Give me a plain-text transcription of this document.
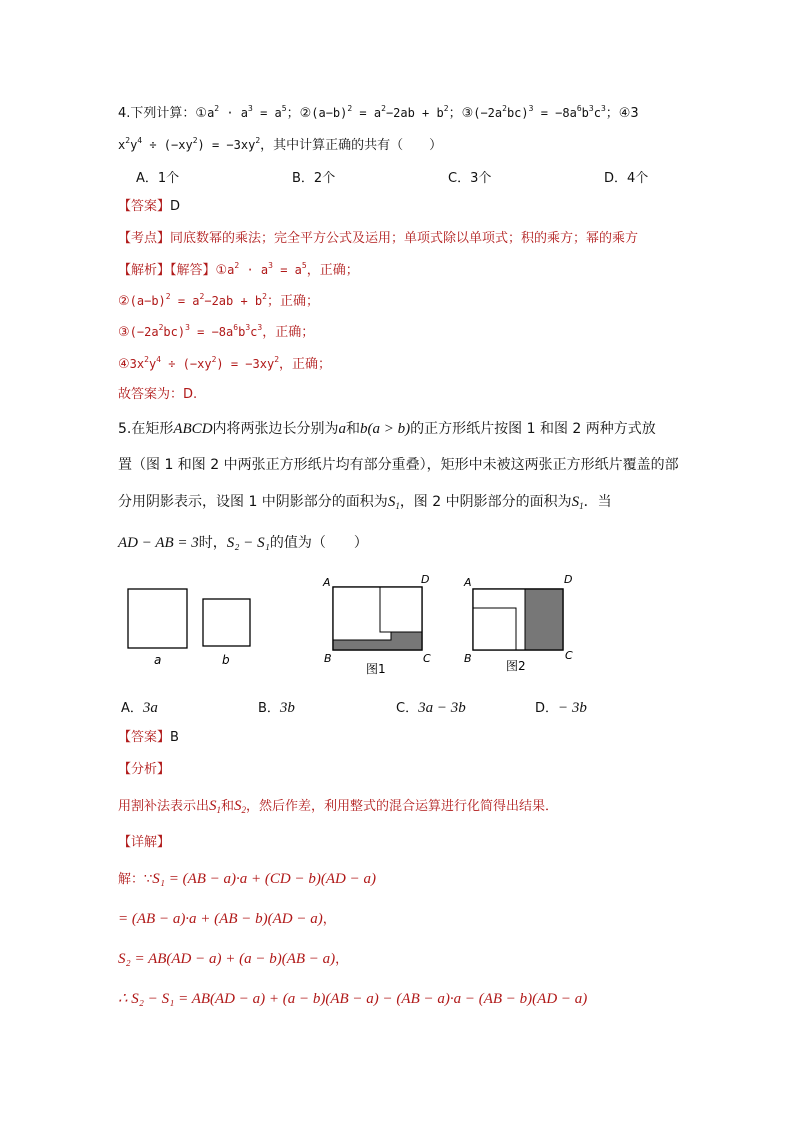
4.下列计算：$①a^2 \cdot a^3 = a^5$；$②(a-b)^2 = a^2-2ab + b^2$；$③(-2a^2bc)^3 = -8a^6b^3c^3$；④3
$x^2y^4 \div (-xy^2) = -3xy^2$，其中计算正确的共有（　　）
A．1个	B．2个	C．3个	D．4个
【答案】D
【考点】同底数幂的乘法；完全平方公式及运用；单项式除以单项式；积的乘方；幂的乘方
【解析】【解答】$①a^2 \cdot a^3 = a^5$，正确；
$②(a-b)^2 = a^2-2ab + b^2$；正确；
$③(-2a^2bc)^3 = -8a^6b^3c^3$，正确；
$④3x^2y^4 \div (-xy^2) = -3xy^2$，正确；
故答案为：D.
5.在矩形ABCD内将两张边长分别为a和b(a > b)的正方形纸片按图 1 和图 2 两种方式放
置（图 1 和图 2 中两张正方形纸片均有部分重叠），矩形中未被这两张正方形纸片覆盖的部
分用阴影表示，设图 1 中阴影部分的面积为$S_1$，图 2 中阴影部分的面积为$S_1$．当
AD − AB = 3时，S₂ − S₁的值为（　　）
a	b
A	D
B	C
图1
A	D
B	C
图2
A．3a	B．3b	C．3a − 3b	D．− 3b
【答案】B
【分析】
用割补法表示出$S_1$和$S_2$，然后作差，利用整式的混合运算进行化简得出结果．
【详解】
解：∵S₁ = (AB − a)·a + (CD − b)(AD − a)
= (AB − a)·a + (AB − b)(AD − a)，
S₂ = AB(AD − a) + (a − b)(AB − a)，
∴ S₂ − S₁ = AB(AD − a) + (a − b)(AB − a) − (AB − a)·a − (AB − b)(AD − a)
